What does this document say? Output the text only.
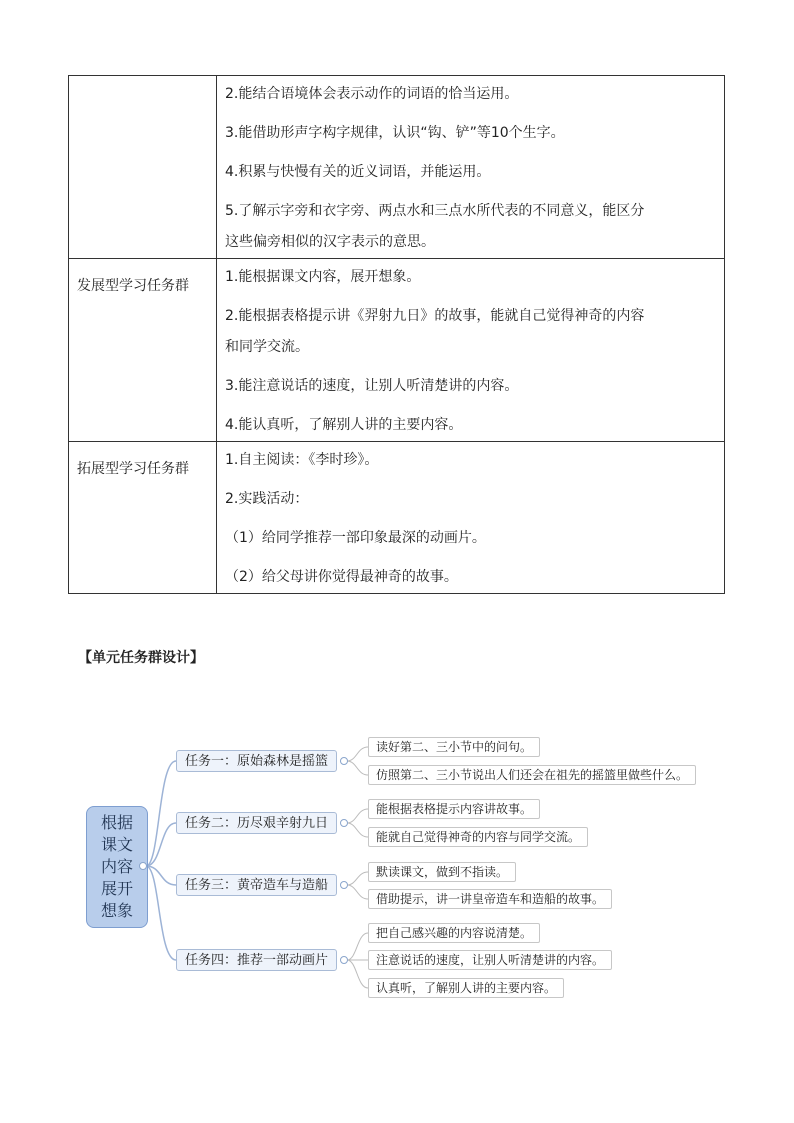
	2.能结合语境体会表示动作的词语的恰当运用。
3.能借助形声字构字规律，认识“钩、铲”等10个生字。
4.积累与快慢有关的近义词语，并能运用。
5.了解示字旁和衣字旁、两点水和三点水所代表的不同意义，能区分
这些偏旁相似的汉字表示的意思。

发展型学习任务群	1.能根据课文内容，展开想象。
2.能根据表格提示讲《羿射九日》的故事，能就自己觉得神奇的内容
和同学交流。
3.能注意说话的速度，让别人听清楚讲的内容。
4.能认真听，了解别人讲的主要内容。

拓展型学习任务群	1.自主阅读：《李时珍》。
2.实践活动：
（1）给同学推荐一部印象最深的动画片。
（2）给父母讲你觉得最神奇的故事。
【单元任务群设计】
根据
课文
内容
展开
想象
任务一：原始森林是摇篮
读好第二、三小节中的问句。
仿照第二、三小节说出人们还会在祖先的摇篮里做些什么。
任务二：历尽艰辛射九日
能根据表格提示内容讲故事。
能就自己觉得神奇的内容与同学交流。
任务三：黄帝造车与造船
默读课文，做到不指读。
借助提示，讲一讲皇帝造车和造船的故事。
任务四：推荐一部动画片
把自己感兴趣的内容说清楚。
注意说话的速度，让别人听清楚讲的内容。
认真听，了解别人讲的主要内容。
